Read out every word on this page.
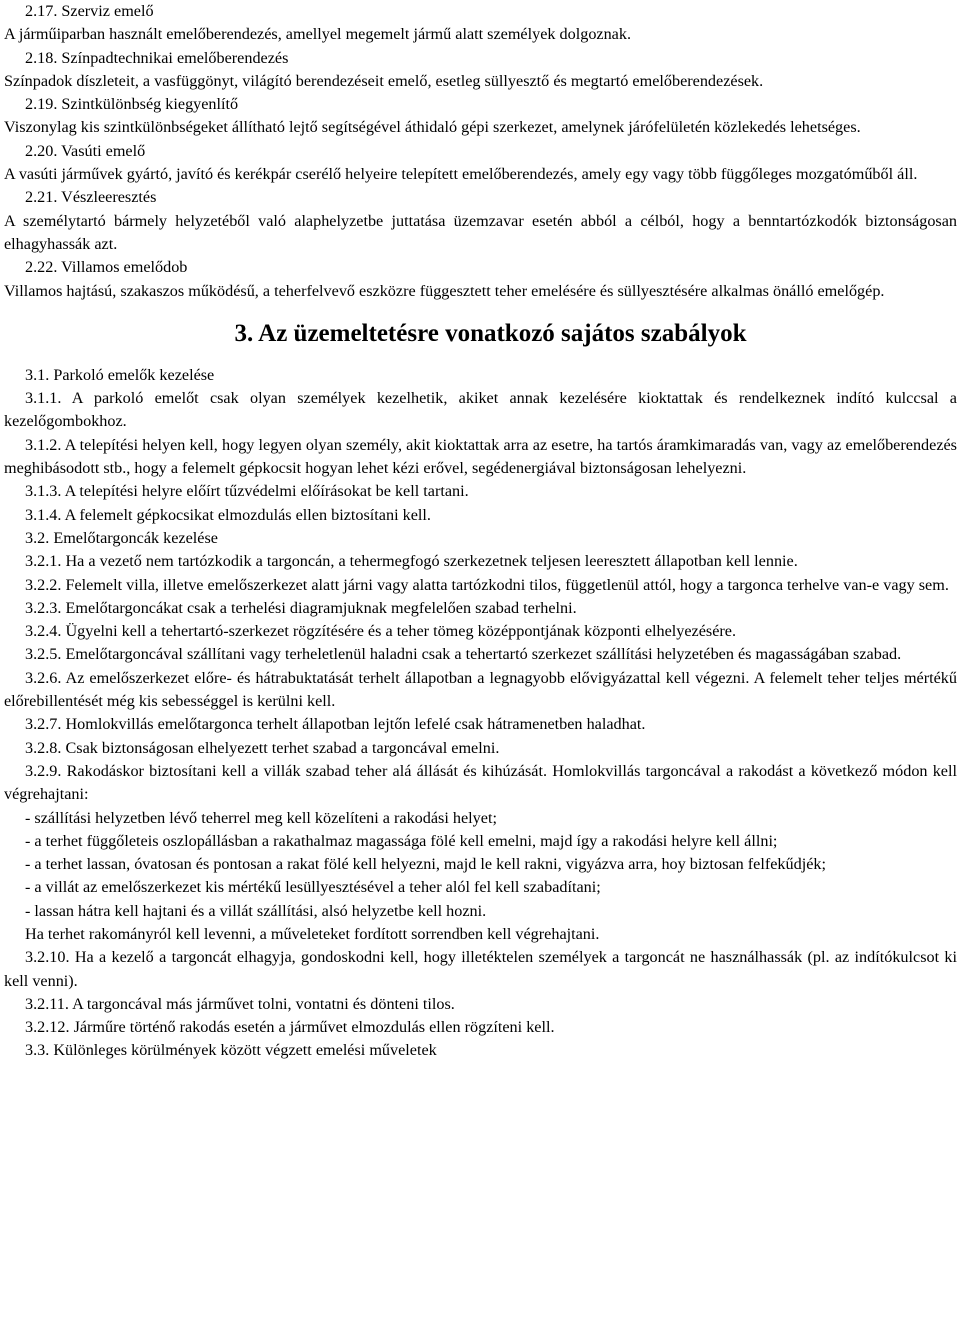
2.17. Szerviz emelő

A járműiparban használt emelőberendezés, amellyel megemelt jármű alatt személyek dolgoznak.

2.18. Színpadtechnikai emelőberendezés

Színpadok díszleteit, a vasfüggönyt, világító berendezéseit emelő, esetleg süllyesztő és megtartó emelőberendezések.

2.19. Szintkülönbség kiegyenlítő

Viszonylag kis szintkülönbségeket állítható lejtő segítségével áthidaló gépi szerkezet, amelynek járófelületén közlekedés lehetséges.

2.20. Vasúti emelő

A vasúti járművek gyártó, javító és kerékpár cserélő helyeire telepített emelőberendezés, amely egy vagy több függőleges mozgatóműből áll.

2.21. Vészleeresztés

A személytartó bármely helyzetéből való alaphelyzetbe juttatása üzemzavar esetén abból a célból, hogy a benntartózkodók biztonságosan elhagyhassák azt.

2.22. Villamos emelődob

Villamos hajtású, szakaszos működésű, a teherfelvevő eszközre függesztett teher emelésére és süllyesztésére alkalmas önálló emelőgép.

3. Az üzemeltetésre vonatkozó sajátos szabályok

3.1. Parkoló emelők kezelése

3.1.1. A parkoló emelőt csak olyan személyek kezelhetik, akiket annak kezelésére kioktattak és rendelkeznek indító kulccsal a kezelőgombokhoz.

3.1.2. A telepítési helyen kell, hogy legyen olyan személy, akit kioktattak arra az esetre, ha tartós áramkimaradás van, vagy az emelőberendezés meghibásodott stb., hogy a felemelt gépkocsit hogyan lehet kézi erővel, segédenergiával biztonságosan lehelyezni.

3.1.3. A telepítési helyre előírt tűzvédelmi előírásokat be kell tartani.

3.1.4. A felemelt gépkocsikat elmozdulás ellen biztosítani kell.

3.2. Emelőtargoncák kezelése

3.2.1. Ha a vezető nem tartózkodik a targoncán, a tehermegfogó szerkezetnek teljesen leeresztett állapotban kell lennie.

3.2.2. Felemelt villa, illetve emelőszerkezet alatt járni vagy alatta tartózkodni tilos, függetlenül attól, hogy a targonca terhelve van-e vagy sem.

3.2.3. Emelőtargoncákat csak a terhelési diagramjuknak megfelelően szabad terhelni.

3.2.4. Ügyelni kell a tehertartó-szerkezet rögzítésére és a teher tömeg középpontjának központi elhelyezésére.

3.2.5. Emelőtargoncával szállítani vagy terheletlenül haladni csak a tehertartó szerkezet szállítási helyzetében és magasságában szabad.

3.2.6. Az emelőszerkezet előre- és hátrabuktatását terhelt állapotban a legnagyobb elővigyázattal kell végezni. A felemelt teher teljes mértékű előrebillentését még kis sebességgel is kerülni kell.

3.2.7. Homlokvillás emelőtargonca terhelt állapotban lejtőn lefelé csak hátramenetben haladhat.

3.2.8. Csak biztonságosan elhelyezett terhet szabad a targoncával emelni.

3.2.9. Rakodáskor biztosítani kell a villák szabad teher alá állását és kihúzását. Homlokvillás targoncával a rakodást a következő módon kell végrehajtani:

- szállítási helyzetben lévő teherrel meg kell közelíteni a rakodási helyet;

- a terhet függőleteis oszlopállásban a rakathalmaz magassága fölé kell emelni, majd így a rakodási helyre kell állni;

- a terhet lassan, óvatosan és pontosan a rakat fölé kell helyezni, majd le kell rakni, vigyázva arra, hoy biztosan felfekűdjék;

- a villát az emelőszerkezet kis mértékű lesüllyesztésével a teher alól fel kell szabadítani;

- lassan hátra kell hajtani és a villát szállítási, alsó helyzetbe kell hozni.

Ha terhet rakományról kell levenni, a műveleteket fordított sorrendben kell végrehajtani.

3.2.10. Ha a kezelő a targoncát elhagyja, gondoskodni kell, hogy illetéktelen személyek a targoncát ne használhassák (pl. az indítókulcsot ki kell venni).

3.2.11. A targoncával más járművet tolni, vontatni és dönteni tilos.

3.2.12. Járműre történő rakodás esetén a járművet elmozdulás ellen rögzíteni kell.

3.3. Különleges körülmények között végzett emelési műveletek
